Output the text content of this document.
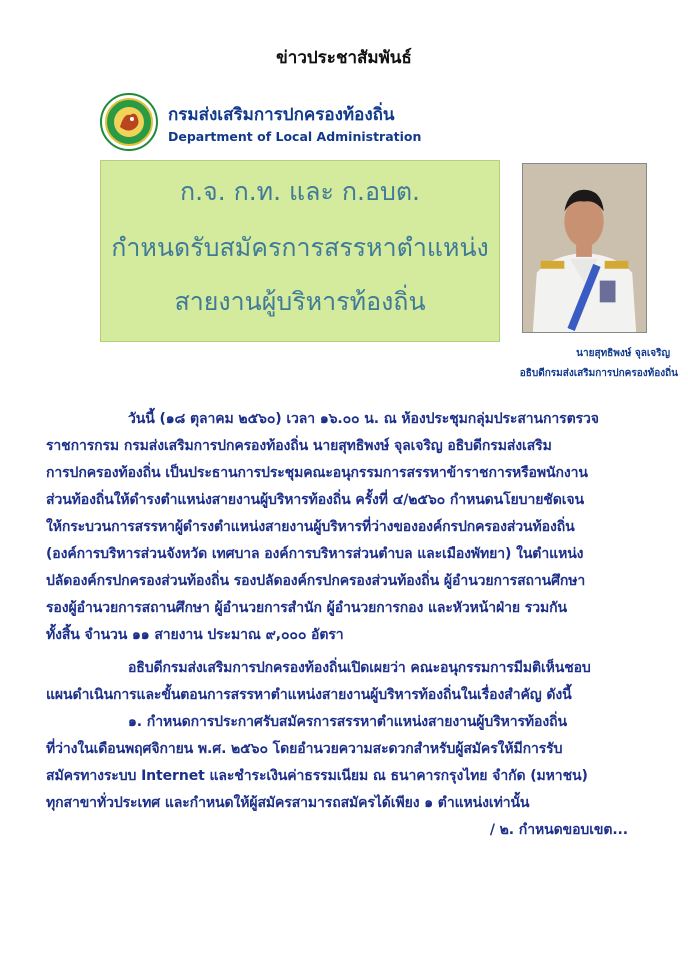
ข่าวประชาสัมพันธ์
กรมส่งเสริมการปกครองท้องถิ่น
Department of Local Administration
ก.จ. ก.ท. และ ก.อบต.
กำหนดรับสมัครการสรรหาตำแหน่ง
สายงานผู้บริหารท้องถิ่น
นายสุทธิพงษ์ จุลเจริญ
อธิบดีกรมส่งเสริมการปกครองท้องถิ่น
วันนี้ (๑๘ ตุลาคม ๒๕๖๐) เวลา ๑๖.๐๐ น. ณ ห้องประชุมกลุ่มประสานการตรวจ
ราชการกรม กรมส่งเสริมการปกครองท้องถิ่น นายสุทธิพงษ์ จุลเจริญ อธิบดีกรมส่งเสริม
การปกครองท้องถิ่น เป็นประธานการประชุมคณะอนุกรรมการสรรหาข้าราชการหรือพนักงาน
ส่วนท้องถิ่นให้ดำรงตำแหน่งสายงานผู้บริหารท้องถิ่น ครั้งที่ ๔/๒๕๖๐ กำหนดนโยบายชัดเจน
ให้กระบวนการสรรหาผู้ดำรงตำแหน่งสายงานผู้บริหารที่ว่างขององค์กรปกครองส่วนท้องถิ่น
(องค์การบริหารส่วนจังหวัด เทศบาล องค์การบริหารส่วนตำบล และเมืองพัทยา) ในตำแหน่ง
ปลัดองค์กรปกครองส่วนท้องถิ่น รองปลัดองค์กรปกครองส่วนท้องถิ่น ผู้อำนวยการสถานศึกษา
รองผู้อำนวยการสถานศึกษา ผู้อำนวยการสำนัก ผู้อำนวยการกอง และหัวหน้าฝ่าย รวมกัน
ทั้งสิ้น จำนวน ๑๑ สายงาน ประมาณ ๙,๐๐๐ อัตรา
อธิบดีกรมส่งเสริมการปกครองท้องถิ่นเปิดเผยว่า คณะอนุกรรมการมีมติเห็นชอบ
แผนดำเนินการและขั้นตอนการสรรหาตำแหน่งสายงานผู้บริหารท้องถิ่นในเรื่องสำคัญ ดังนี้
๑. กำหนดการประกาศรับสมัครการสรรหาตำแหน่งสายงานผู้บริหารท้องถิ่น
ที่ว่างในเดือนพฤศจิกายน พ.ศ. ๒๕๖๐ โดยอำนวยความสะดวกสำหรับผู้สมัครให้มีการรับ
สมัครทางระบบ Internet และชำระเงินค่าธรรมเนียม ณ ธนาคารกรุงไทย จำกัด (มหาชน)
ทุกสาขาทั่วประเทศ และกำหนดให้ผู้สมัครสามารถสมัครได้เพียง ๑ ตำแหน่งเท่านั้น
/ ๒. กำหนดขอบเขต...
